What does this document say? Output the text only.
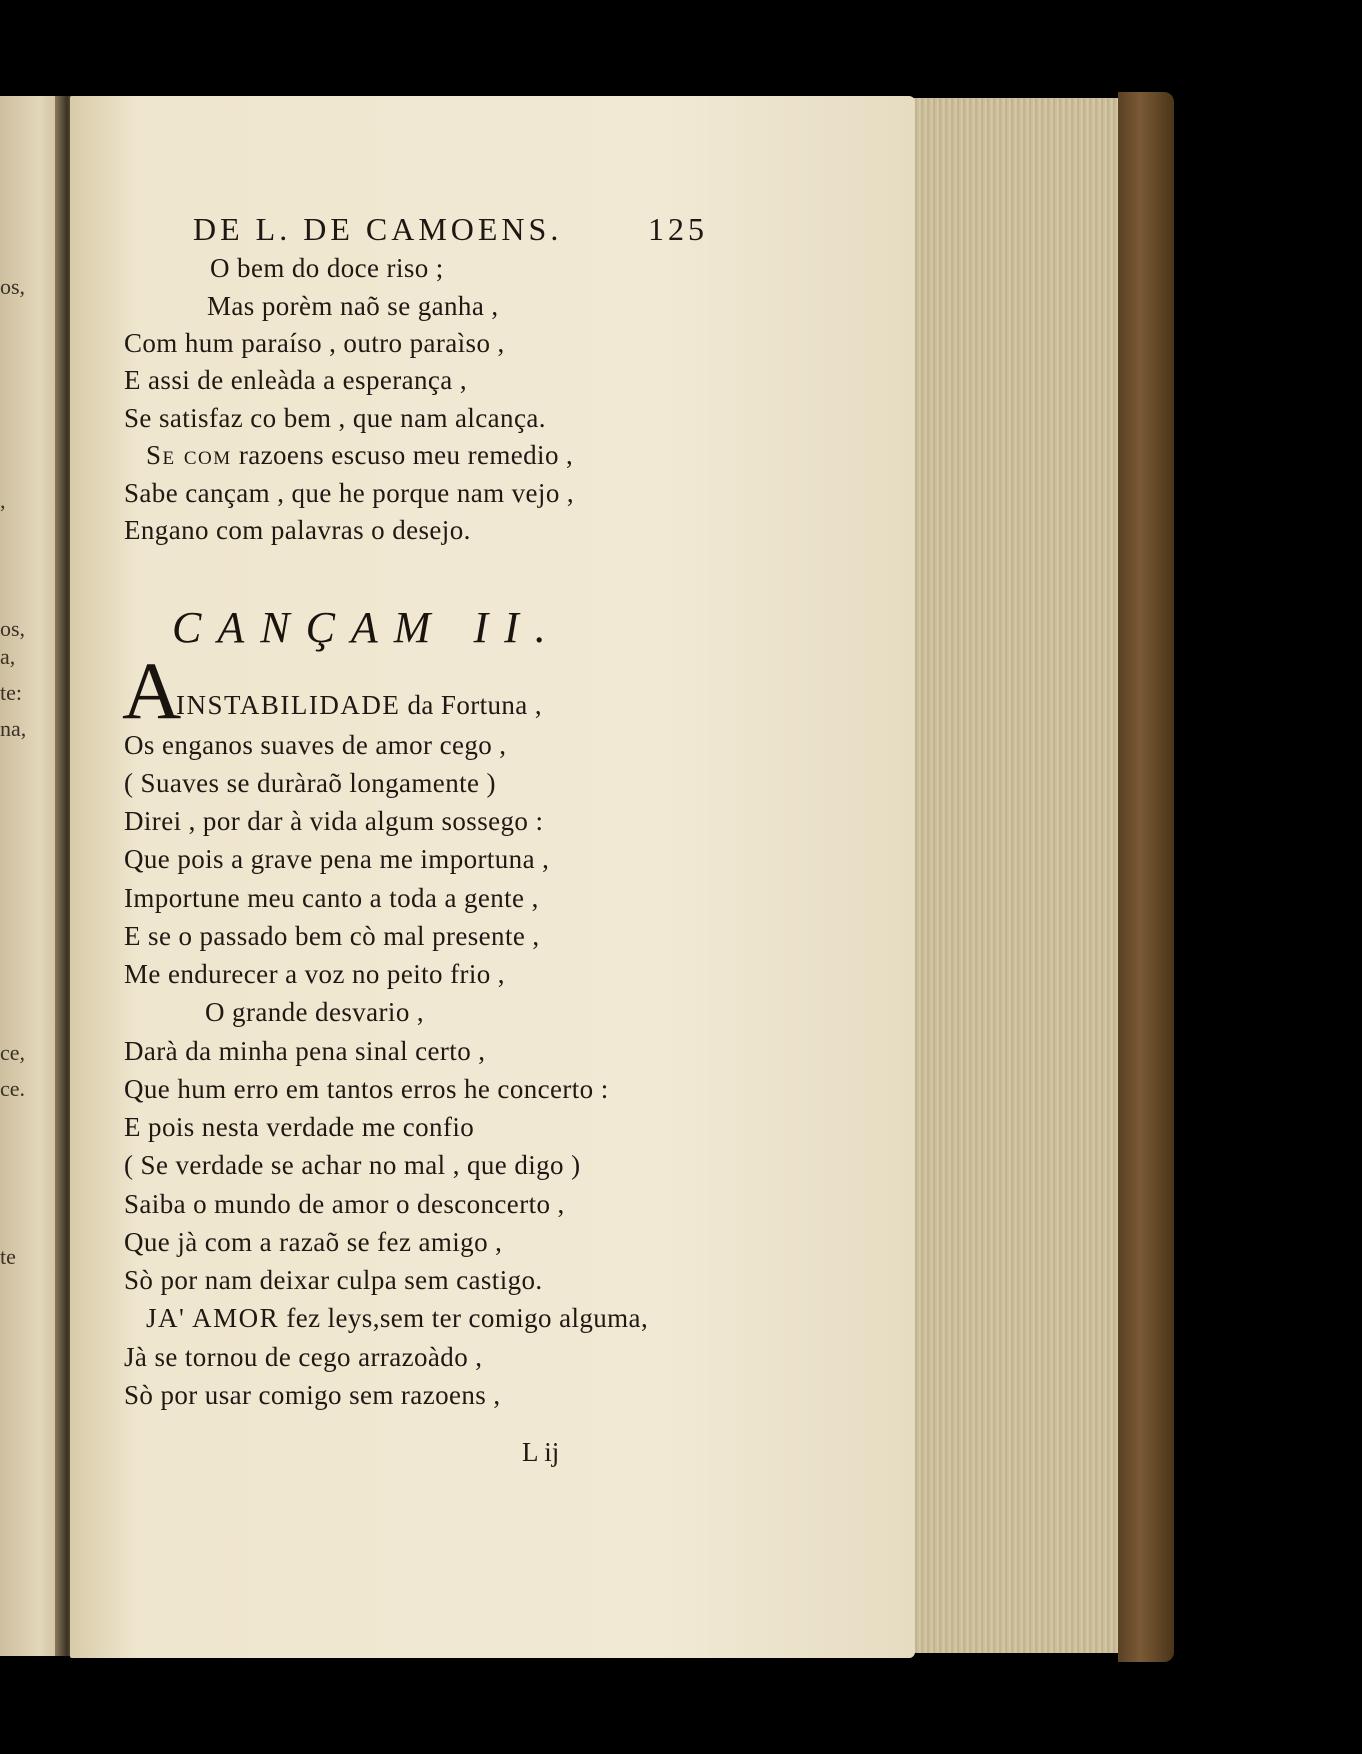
os,
,
os,
a,
te:
na,
ce,
ce.
te
DE L. DE CAMOENS.	125
O bem do doce riso ;
Mas porèm naõ se ganha ,
Com hum paraíso , outro paraìso ,
E assi de enleàda a esperança ,
Se satisfaz co bem , que nam alcança.
Se com razoens escuso meu remedio ,
Sabe cançam , que he porque nam vejo ,
Engano com palavras o desejo.
CANÇAM II.
A
INSTABILIDADE da Fortuna ,
Os enganos suaves de amor cego ,
( Suaves se duràraõ longamente )
Direi , por dar à vida algum sossego :
Que pois a grave pena me importuna ,
Importune meu canto a toda a gente ,
E se o passado bem cò mal presente ,
Me endurecer a voz no peito frio ,
O grande desvario ,
Darà da minha pena sinal certo ,
Que hum erro em tantos erros he concerto :
E pois nesta verdade me confio
( Se verdade se achar no mal , que digo )
Saiba o mundo de amor o desconcerto ,
Que jà com a razaõ se fez amigo ,
Sò por nam deixar culpa sem castigo.
JA' AMOR fez leys,sem ter comigo alguma,
Jà se tornou de cego arrazoàdo ,
Sò por usar comigo sem razoens ,
L ij
